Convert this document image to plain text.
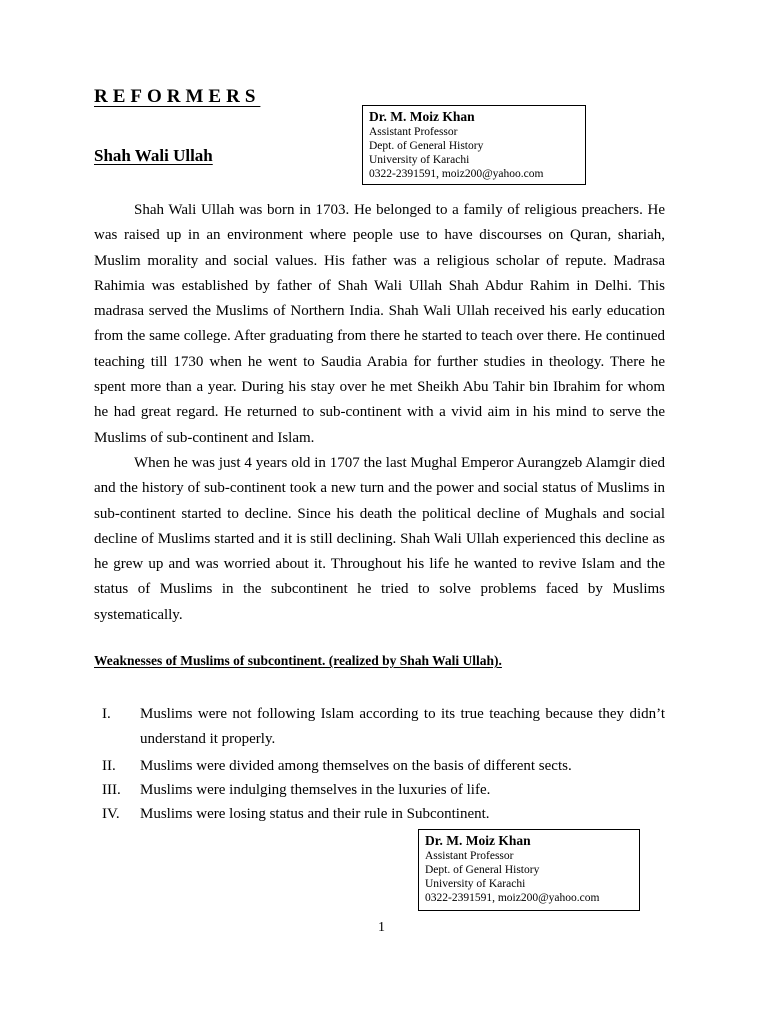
REFORMERS
Dr. M. Moiz Khan
Assistant Professor
Dept. of General History
University of Karachi
0322-2391591, moiz200@yahoo.com
Shah Wali Ullah

Shah Wali Ullah was born in 1703. He belonged to a family of religious preachers. He was raised up in an environment where people use to have discourses on Quran, shariah, Muslim morality and social values. His father was a religious scholar of repute. Madrasa Rahimia was established by father of Shah Wali Ullah Shah Abdur Rahim in Delhi. This madrasa served the Muslims of Northern India. Shah Wali Ullah received his early education from the same college. After graduating from there he started to teach over there. He continued teaching till 1730 when he went to Saudia Arabia for further studies in theology. There he spent more than a year. During his stay over he met Sheikh Abu Tahir bin Ibrahim for whom he had great regard. He returned to sub-continent with a vivid aim in his mind to serve the Muslims of sub-continent and Islam.

When he was just 4 years old in 1707 the last Mughal Emperor Aurangzeb Alamgir died and the history of sub-continent took a new turn and the power and social status of Muslims in sub-continent started to decline. Since his death the political decline of Mughals and social decline of Muslims started and it is still declining. Shah Wali Ullah experienced this decline as he grew up and was worried about it. Throughout his life he wanted to revive Islam and the status of Muslims in the subcontinent he tried to solve problems faced by Muslims systematically.

Weaknesses of Muslims of subcontinent. (realized by Shah Wali Ullah).
I.	Muslims were not following Islam according to its true teaching because they didn’t understand it properly.
II.	Muslims were divided among themselves on the basis of different sects.
III.	Muslims were indulging themselves in the luxuries of life.
IV.	Muslims were losing status and their rule in Subcontinent.
Dr. M. Moiz Khan
Assistant Professor
Dept. of General History
University of Karachi
0322-2391591, moiz200@yahoo.com
1
